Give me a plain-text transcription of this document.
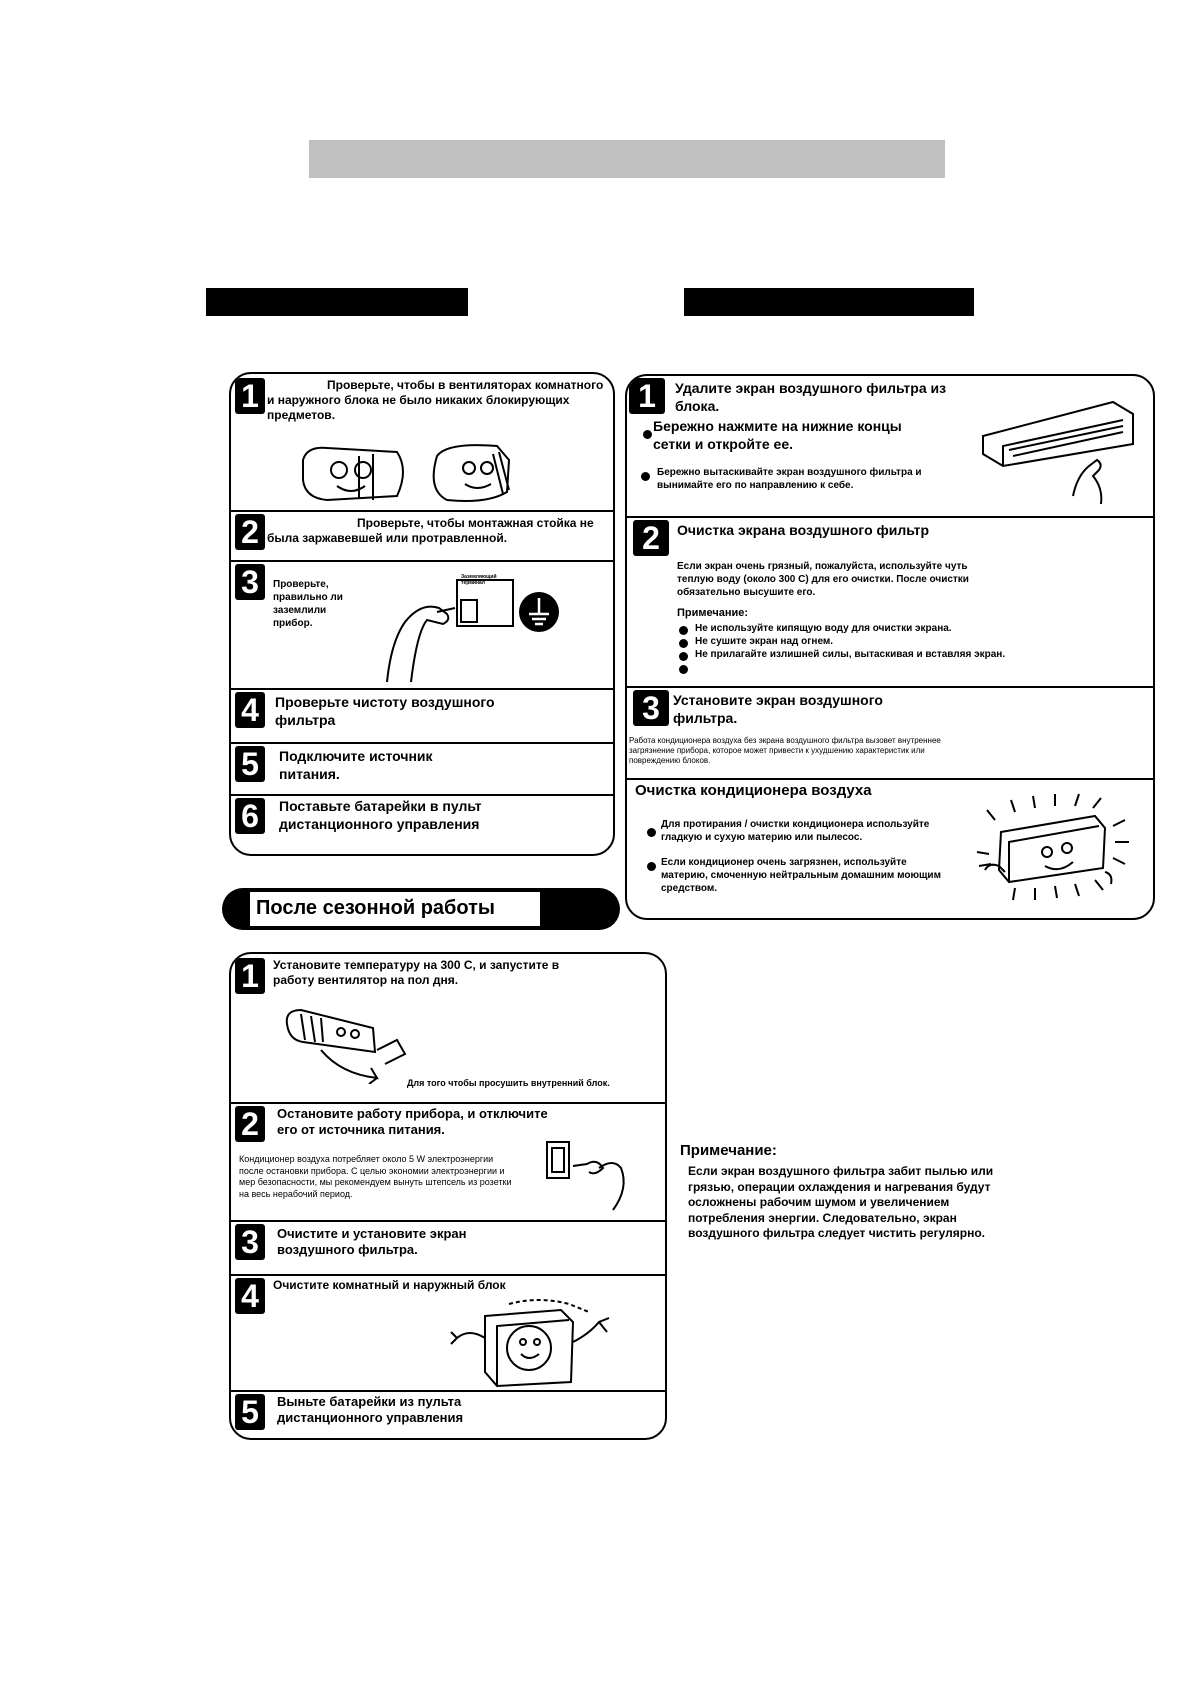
1	Проверьте, чтобы в вентиляторах комнатного и наружного блока не было никаких блокирующих предметов.
2	Проверьте, чтобы монтажная стойка не была заржавевшей или протравленной.
3	Проверьте, правильно ли заземлили прибор.
Заземляющий терминал
4	Проверьте чистоту воздушного фильтра
5	Подключите источник питания.
6	Поставьте батарейки в пульт дистанционного управления
1	Удалите экран воздушного фильтра из блока.
Бережно нажмите на нижние концы сетки и откройте ее.
Бережно вытаскивайте экран воздушного фильтра и вынимайте его по направлению к себе.
2	Очистка экрана воздушного фильтр
Если экран очень грязный, пожалуйста, используйте чуть теплую воду (около 300 С) для его очистки. После очистки обязательно высушите его.
Примечание:
Не используйте кипящую воду для очистки экрана.
Не сушите экран над огнем.
Не прилагайте излишней силы, вытаскивая и вставляя экран.
3 Установите экран воздушного фильтра.
Работа кондиционера воздуха без экрана воздушного фильтра вызовет внутреннее загрязнение прибора, которое может привести к ухудшению характеристик или повреждению блоков.
Очистка кондиционера воздуха
Для протирания / очистки кондиционера используйте гладкую и сухую материю или пылесос.
Если кондиционер очень загрязнен, используйте материю, смоченную нейтральным домашним моющим средством.
После сезонной работы
1	Установите температуру на 300 С, и запустите в работу вентилятор на пол дня.
Для того чтобы просушить внутренний блок.
2	Остановите работу прибора, и отключите его от источника питания.
Кондиционер воздуха потребляет около 5 W электроэнергии после остановки прибора. С целью экономии электроэнергии и мер безопасности, мы рекомендуем вынуть штепсель из розетки на весь нерабочий период.
3	Очистите и установите экран воздушного фильтра.
4	Очистите комнатный и наружный блок
5	Выньте батарейки из пульта дистанционного управления
Примечание:
Если экран воздушного фильтра забит пылью или грязью, операции охлаждения и нагревания будут осложнены рабочим шумом и увеличением потребления энергии. Следовательно, экран воздушного фильтра следует чистить регулярно.
